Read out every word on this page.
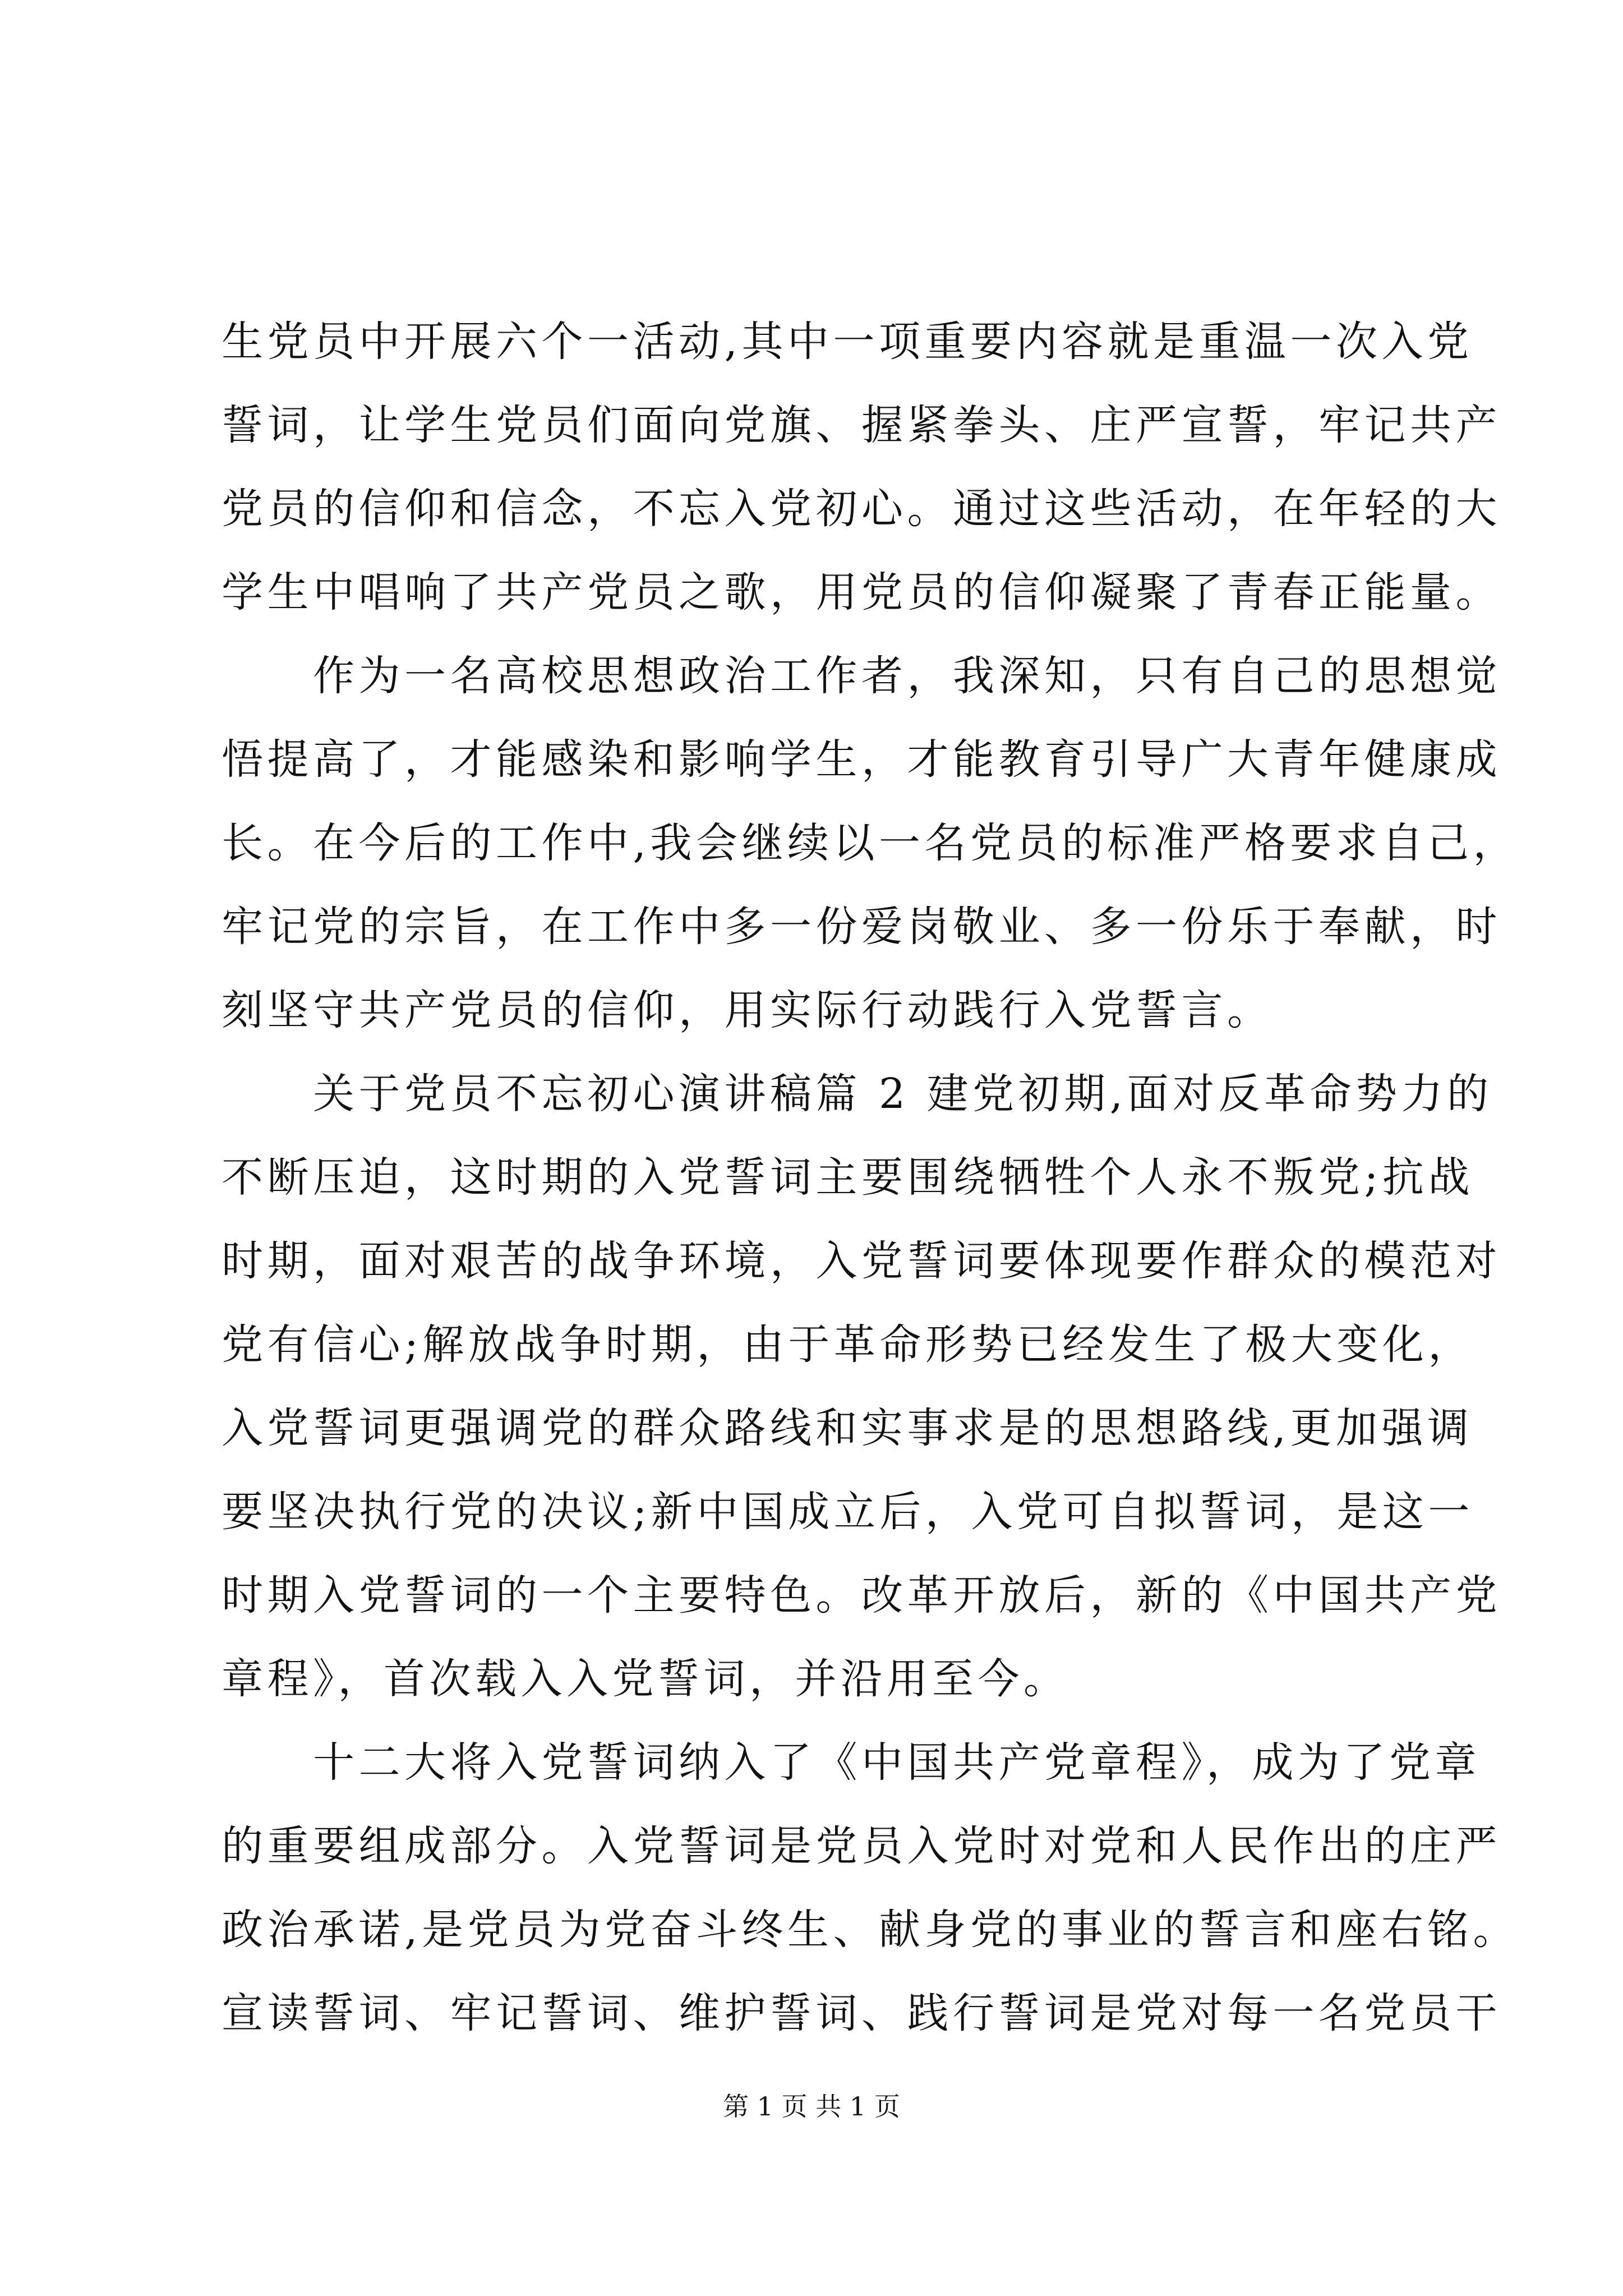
生党员中开展六个一活动,其中一项重要内容就是重温一次入党
誓词，让学生党员们面向党旗、握紧拳头、庄严宣誓，牢记共产
党员的信仰和信念，不忘入党初心。通过这些活动，在年轻的大
学生中唱响了共产党员之歌，用党员的信仰凝聚了青春正能量。
　　作为一名高校思想政治工作者，我深知，只有自己的思想觉
悟提高了，才能感染和影响学生，才能教育引导广大青年健康成
长。在今后的工作中,我会继续以一名党员的标准严格要求自己，
牢记党的宗旨，在工作中多一份爱岗敬业、多一份乐于奉献，时
刻坚守共产党员的信仰，用实际行动践行入党誓言。
　　关于党员不忘初心演讲稿篇 2 建党初期,面对反革命势力的
不断压迫，这时期的入党誓词主要围绕牺牲个人永不叛党;抗战
时期，面对艰苦的战争环境，入党誓词要体现要作群众的模范对
党有信心;解放战争时期，由于革命形势已经发生了极大变化，
入党誓词更强调党的群众路线和实事求是的思想路线,更加强调
要坚决执行党的决议;新中国成立后，入党可自拟誓词，是这一
时期入党誓词的一个主要特色。改革开放后，新的《中国共产党
章程》，首次载入入党誓词，并沿用至今。
　　十二大将入党誓词纳入了《中国共产党章程》，成为了党章
的重要组成部分。入党誓词是党员入党时对党和人民作出的庄严
政治承诺,是党员为党奋斗终生、献身党的事业的誓言和座右铭。
宣读誓词、牢记誓词、维护誓词、践行誓词是党对每一名党员干
第 1 页 共 1 页
